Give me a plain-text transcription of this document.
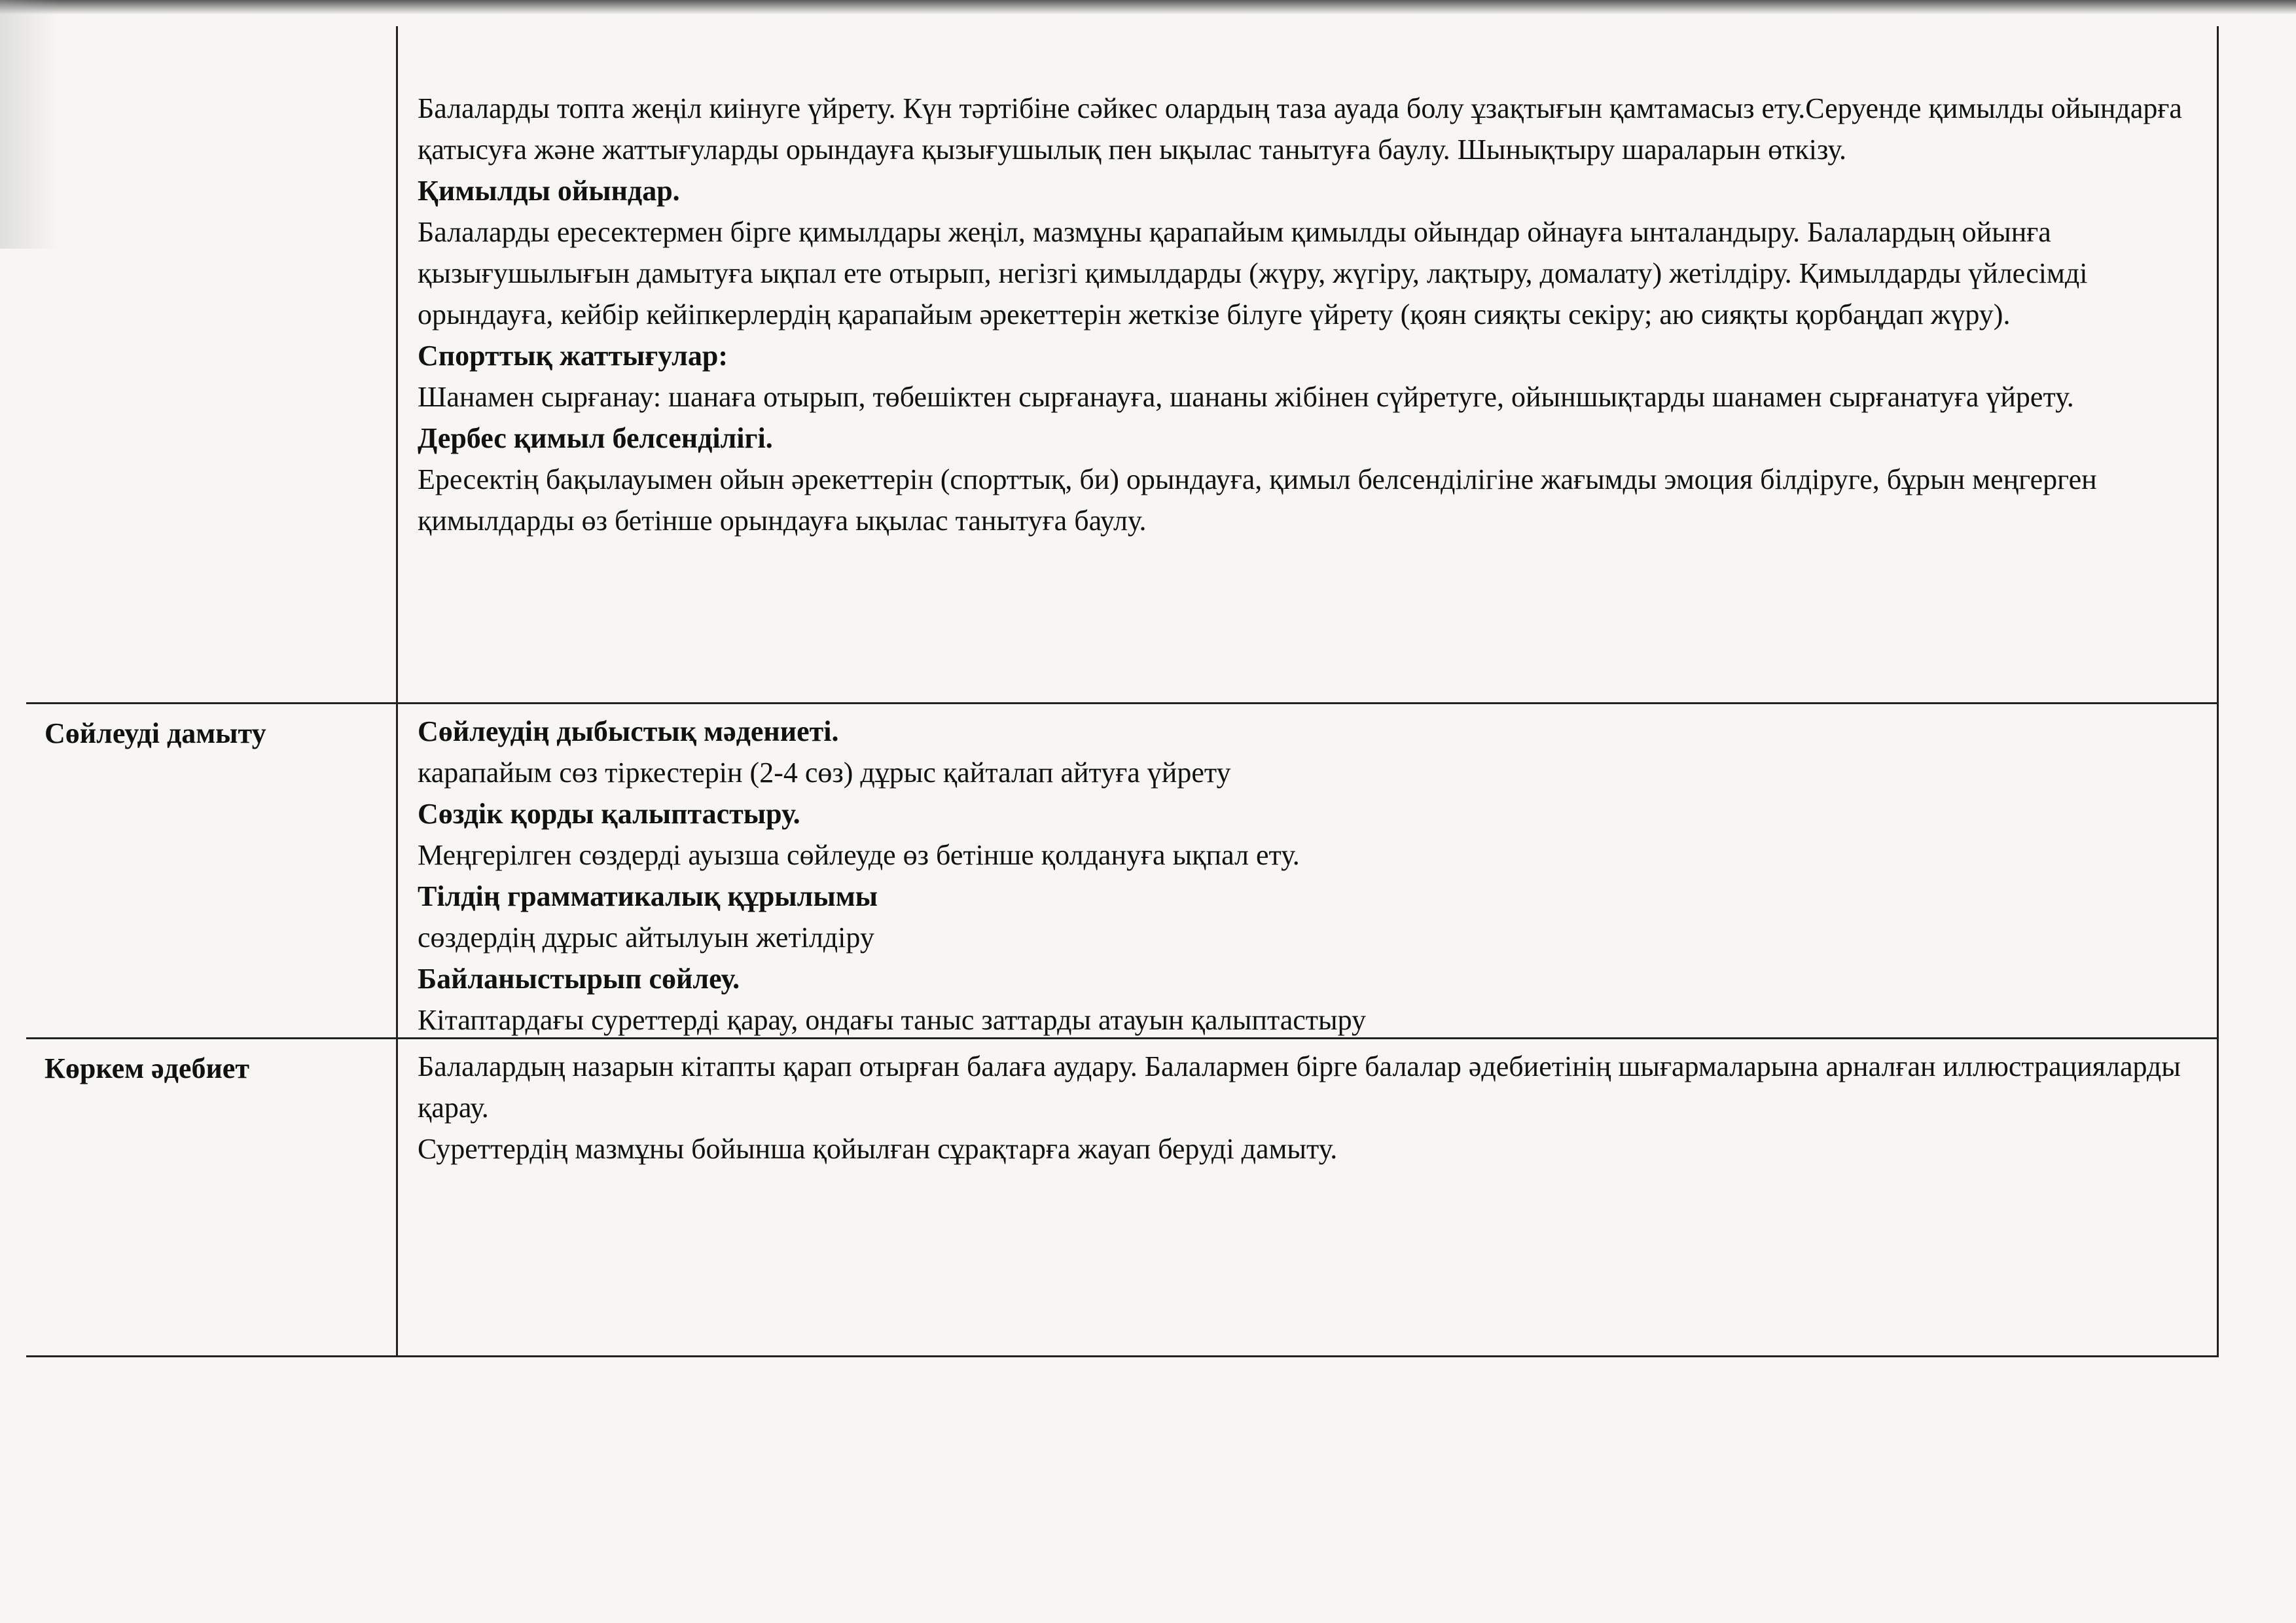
Балаларды топта жеңіл киінуге үйрету. Күн тәртібіне сәйкес олардың таза ауада болу ұзақтығын қамтамасыз ету.Серуенде қимылды ойындарға қатысуға және жаттығуларды орындауға қызығушылық пен ықылас танытуға баулу. Шынықтыру шараларын өткізу.

Қимылды ойындар.

Балаларды ересектермен бірге қимылдары жеңіл, мазмұны қарапайым қимылды ойындар ойнауға ынталандыру. Балалардың ойынға қызығушылығын дамытуға ықпал ете отырып, негізгі қимылдарды (жүру, жүгіру, лақтыру, домалату) жетілдіру. Қимылдарды үйлесімді орындауға, кейбір кейіпкерлердің қарапайым әрекеттерін жеткізе білуге үйрету (қоян сияқты секіру; аю сияқты қорбаңдап жүру).

Спорттық жаттығулар:

Шанамен сырғанау: шанаға отырып, төбешіктен сырғанауға, шананы жібінен сүйретуге, ойыншықтарды шанамен сырғанатуға үйрету.

Дербес қимыл белсенділігі.

Ересектің бақылауымен ойын әрекеттерін (спорттық, би) орындауға, қимыл белсенділігіне жағымды эмоция білдіруге, бұрын меңгерген қимылдарды өз бетінше орындауға ықылас танытуға баулу.

Сөйлеуді дамыту	Сөйлеудің дыбыстық мәдениеті.

карапайым сөз тіркестерін (2-4 сөз) дұрыс қайталап айтуға үйрету

Сөздік қорды қалыптастыру.

Меңгерілген сөздерді ауызша сөйлеуде өз бетінше қолдануға ықпал ету.

Тілдің грамматикалық құрылымы

сөздердің дұрыс айтылуын жетілдіру

Байланыстырып сөйлеу.

Кітаптардағы суреттерді қарау, ондағы таныс заттарды атауын қалыптастыру

Көркем әдебиет	Балалардың назарын кітапты қарап отырған балаға аудару. Балалармен бірге балалар әдебиетінің шығармаларына арналған иллюстрацияларды қарау.

Суреттердің мазмұны бойынша қойылған сұрақтарға жауап беруді дамыту.
